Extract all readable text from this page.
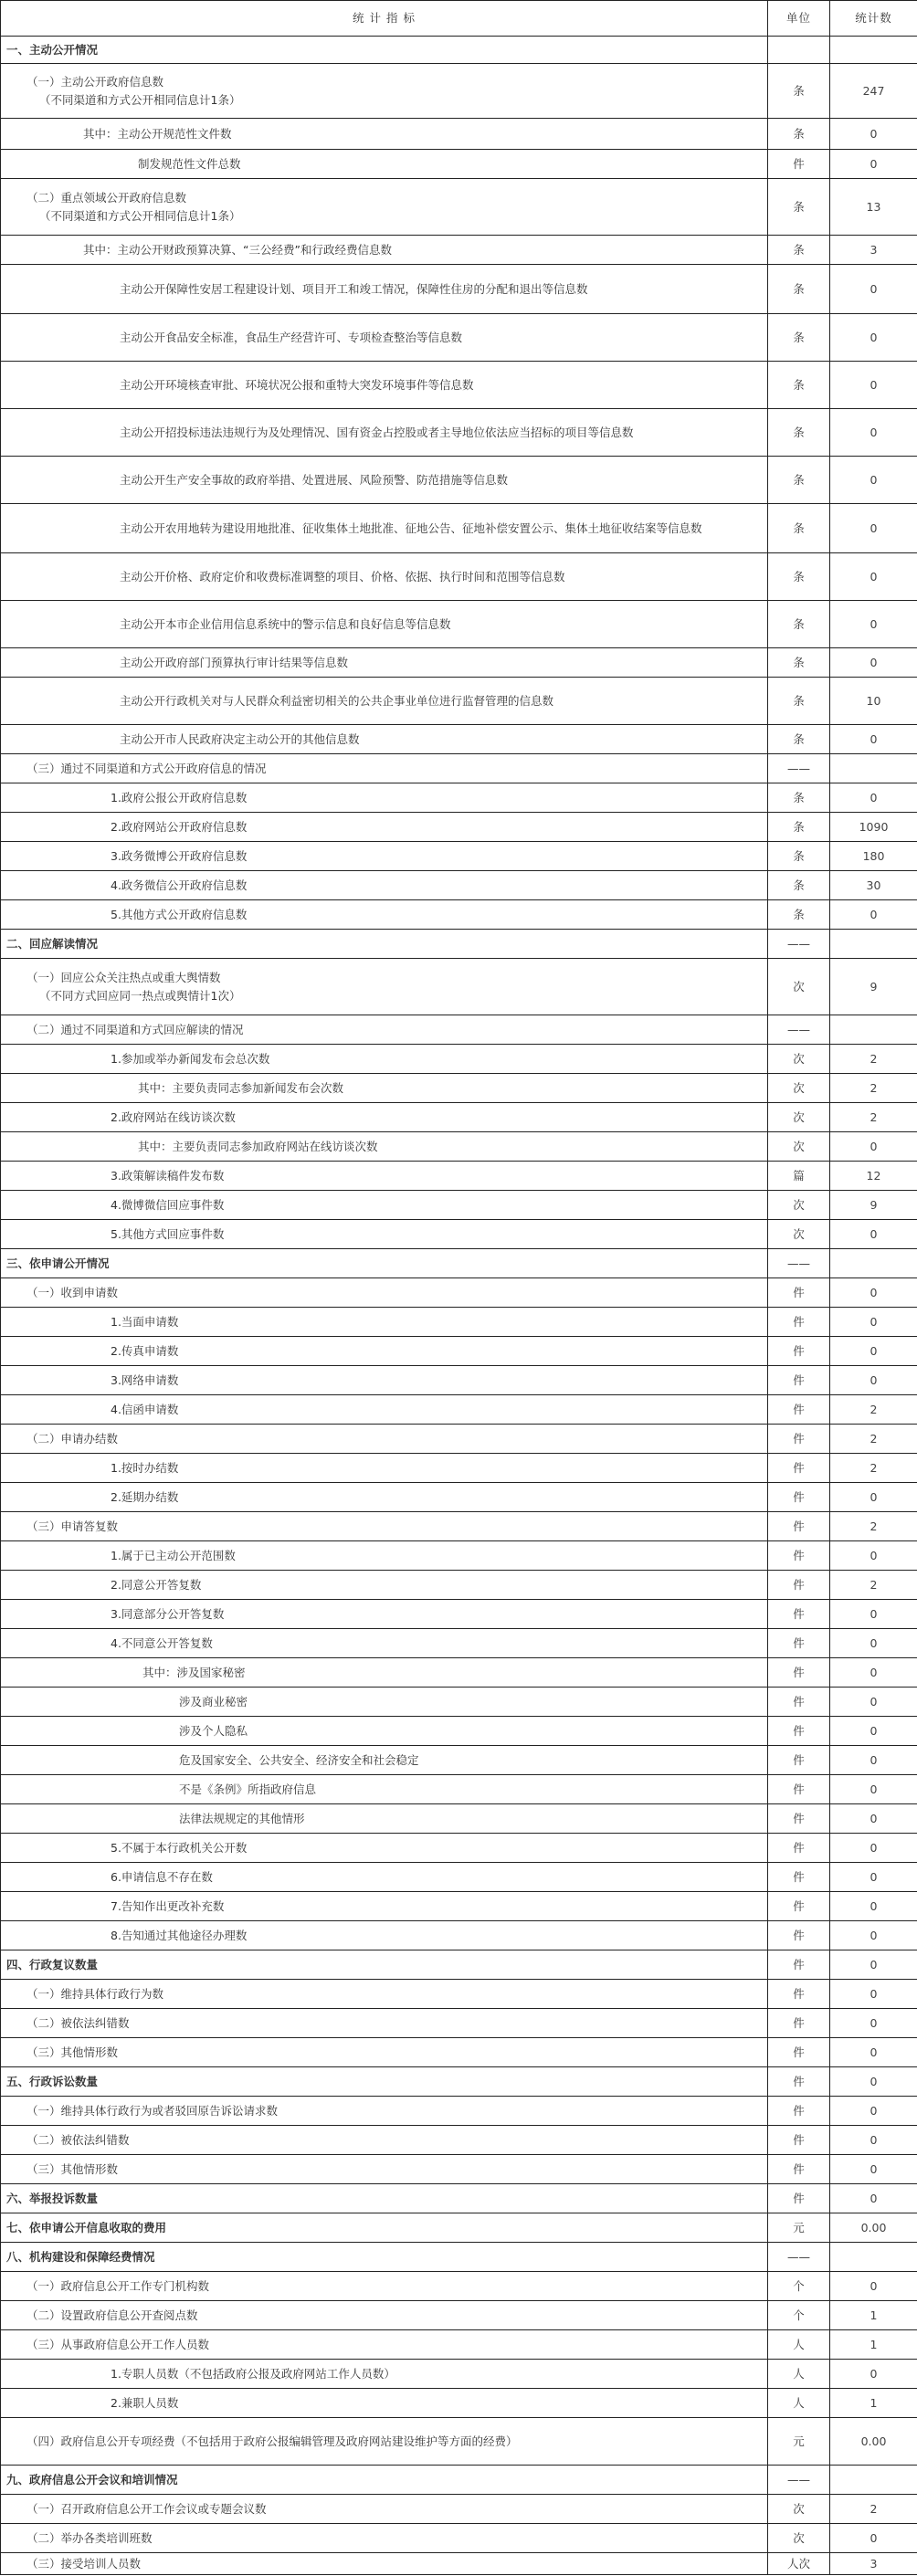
统 计 指 标	单位	统计数

一、主动公开情况		

（一）主动公开政府信息数
（不同渠道和方式公开相同信息计1条）	条	247

其中：主动公开规范性文件数	条	0

制发规范性文件总数	件	0

（二）重点领域公开政府信息数
（不同渠道和方式公开相同信息计1条）	条	13

其中：主动公开财政预算决算、“三公经费”和行政经费信息数	条	3

主动公开保障性安居工程建设计划、项目开工和竣工情况，保障性住房的分配和退出等信息数	条	0

主动公开食品安全标准，食品生产经营许可、专项检查整治等信息数	条	0

主动公开环境核查审批、环境状况公报和重特大突发环境事件等信息数	条	0

主动公开招投标违法违规行为及处理情况、国有资金占控股或者主导地位依法应当招标的项目等信息数	条	0

主动公开生产安全事故的政府举措、处置进展、风险预警、防范措施等信息数	条	0

主动公开农用地转为建设用地批准、征收集体土地批准、征地公告、征地补偿安置公示、集体土地征收结案等信息数	条	0

主动公开价格、政府定价和收费标准调整的项目、价格、依据、执行时间和范围等信息数	条	0

主动公开本市企业信用信息系统中的警示信息和良好信息等信息数	条	0

主动公开政府部门预算执行审计结果等信息数	条	0

主动公开行政机关对与人民群众利益密切相关的公共企事业单位进行监督管理的信息数	条	10

主动公开市人民政府决定主动公开的其他信息数	条	0

（三）通过不同渠道和方式公开政府信息的情况	——	

1.政府公报公开政府信息数	条	0

2.政府网站公开政府信息数	条	1090

3.政务微博公开政府信息数	条	180

4.政务微信公开政府信息数	条	30

5.其他方式公开政府信息数	条	0

二、回应解读情况	——	

（一）回应公众关注热点或重大舆情数
（不同方式回应同一热点或舆情计1次）	次	9

（二）通过不同渠道和方式回应解读的情况	——	

1.参加或举办新闻发布会总次数	次	2

其中：主要负责同志参加新闻发布会次数	次	2

2.政府网站在线访谈次数	次	2

其中：主要负责同志参加政府网站在线访谈次数	次	0

3.政策解读稿件发布数	篇	12

4.微博微信回应事件数	次	9

5.其他方式回应事件数	次	0

三、依申请公开情况	——	

（一）收到申请数	件	0

1.当面申请数	件	0

2.传真申请数	件	0

3.网络申请数	件	0

4.信函申请数	件	2

（二）申请办结数	件	2

1.按时办结数	件	2

2.延期办结数	件	0

（三）申请答复数	件	2

1.属于已主动公开范围数	件	0

2.同意公开答复数	件	2

3.同意部分公开答复数	件	0

4.不同意公开答复数	件	0

其中：涉及国家秘密	件	0

涉及商业秘密	件	0

涉及个人隐私	件	0

危及国家安全、公共安全、经济安全和社会稳定	件	0

不是《条例》所指政府信息	件	0

法律法规规定的其他情形	件	0

5.不属于本行政机关公开数	件	0

6.申请信息不存在数	件	0

7.告知作出更改补充数	件	0

8.告知通过其他途径办理数	件	0

四、行政复议数量	件	0

（一）维持具体行政行为数	件	0

（二）被依法纠错数	件	0

（三）其他情形数	件	0

五、行政诉讼数量	件	0

（一）维持具体行政行为或者驳回原告诉讼请求数	件	0

（二）被依法纠错数	件	0

（三）其他情形数	件	0

六、举报投诉数量	件	0

七、依申请公开信息收取的费用	元	0.00

八、机构建设和保障经费情况	——	

（一）政府信息公开工作专门机构数	个	0

（二）设置政府信息公开查阅点数	个	1

（三）从事政府信息公开工作人员数	人	1

1.专职人员数（不包括政府公报及政府网站工作人员数）	人	0

2.兼职人员数	人	1

（四）政府信息公开专项经费（不包括用于政府公报编辑管理及政府网站建设维护等方面的经费）	元	0.00

九、政府信息公开会议和培训情况	——	

（一）召开政府信息公开工作会议或专题会议数	次	2

（二）举办各类培训班数	次	0

（三）接受培训人员数	人次	3
